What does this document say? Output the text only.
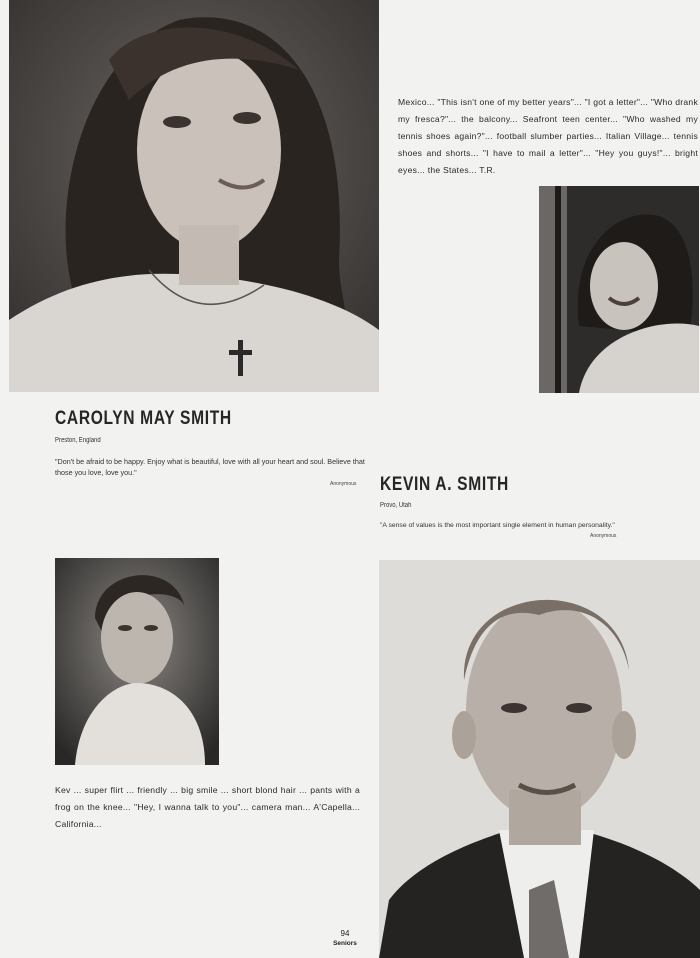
Mexico... "This isn't one of my better years"... "I got a letter"... "Who drank my fresca?"... the balcony... Seafront teen center... "Who washed my tennis shoes again?"... football slumber parties... Italian Village... tennis shoes and shorts... "I have to mail a letter"... "Hey you guys!"... bright eyes... the States... T.R.

CAROLYN MAY SMITH

Preston, England

"Don't be afraid to be happy. Enjoy what is beautiful, love with all your heart and soul. Believe that those you love, love you."

Anonymous KEVIN A. SMITH

Provo, Utah

"A sense of values is the most important single element in human personality."

Anonymous

Kev ... super flirt ... friendly ... big smile ... short blond hair ... pants with a frog on the knee... "Hey, I wanna talk to you"... camera man... A'Capella... California...

94

Seniors
